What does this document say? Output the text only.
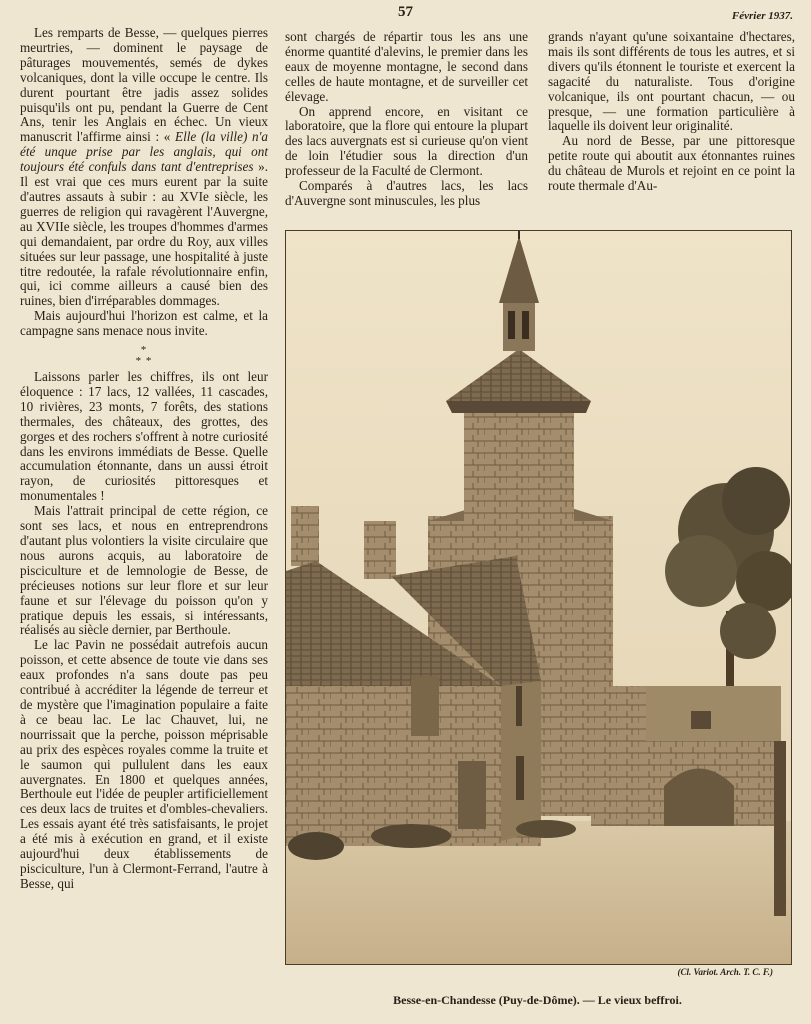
57	Février 1937.

Les remparts de Besse, — quelques pierres meurtries, — dominent le paysage de pâturages mouvementés, semés de dykes volcaniques, dont la ville occupe le centre. Ils durent pourtant être jadis assez solides puisqu'ils ont pu, pendant la Guerre de Cent Ans, tenir les Anglais en échec. Un vieux manuscrit l'affirme ainsi : « Elle (la ville) n'a été unque prise par les anglais, qui ont toujours été confuls dans tant d'entreprises ». Il est vrai que ces murs eurent par la suite d'autres assauts à subir : au XVIe siècle, les guerres de religion qui ravagèrent l'Auvergne, au XVIIe siècle, les troupes d'hommes d'armes qui demandaient, par ordre du Roy, aux villes situées sur leur passage, une hospitalité à juste titre redoutée, la rafale révolutionnaire enfin, qui, ici comme ailleurs a causé bien des ruines, bien d'irréparables dommages.

Mais aujourd'hui l'horizon est calme, et la campagne sans menace nous invite.

*
* *

Laissons parler les chiffres, ils ont leur éloquence : 17 lacs, 12 vallées, 11 cascades, 10 rivières, 23 monts, 7 forêts, des stations thermales, des châteaux, des grottes, des gorges et des rochers s'offrent à notre curiosité dans les environs immédiats de Besse. Quelle accumulation étonnante, dans un aussi étroit rayon, de curiosités pittoresques et monumentales !

Mais l'attrait principal de cette région, ce sont ses lacs, et nous en entreprendrons d'autant plus volontiers la visite circulaire que nous aurons acquis, au laboratoire de pisciculture et de lemnologie de Besse, de précieuses notions sur leur flore et sur leur faune et sur l'élevage du poisson qu'on y pratique depuis les essais, si intéressants, réalisés au siècle dernier, par Berthoule.

Le lac Pavin ne possédait autrefois aucun poisson, et cette absence de toute vie dans ses eaux profondes n'a sans doute pas peu contribué à accréditer la légende de terreur et de mystère que l'imagination populaire a faite à ce beau lac. Le lac Chauvet, lui, ne nourrissait que la perche, poisson méprisable au prix des espèces royales comme la truite et le saumon qui pullulent dans les eaux auvergnates. En 1800 et quelques années, Berthoule eut l'idée de peupler artificiellement ces deux lacs de truites et d'ombles-chevaliers. Les essais ayant été très satisfaisants, le projet a été mis à exécution en grand, et il existe aujourd'hui deux établissements de pisciculture, l'un à Clermont-Ferrand, l'autre à Besse, qui

sont chargés de répartir tous les ans une énorme quantité d'alevins, le premier dans les eaux de moyenne montagne, le second dans celles de haute montagne, et de surveiller cet élevage.

On apprend encore, en visitant ce laboratoire, que la flore qui entoure la plupart des lacs auvergnats est si curieuse qu'on vient de loin l'étudier sous la direction d'un professeur de la Faculté de Clermont.

Comparés à d'autres lacs, les lacs d'Auvergne sont minuscules, les plus

grands n'ayant qu'une soixantaine d'hectares, mais ils sont différents de tous les autres, et si divers qu'ils étonnent le touriste et exercent la sagacité du naturaliste. Tous d'origine volcanique, ils ont pourtant chacun, — ou presque, — une formation particulière à laquelle ils doivent leur originalité.

Au nord de Besse, par une pittoresque petite route qui aboutit aux étonnantes ruines du château de Murols et rejoint en ce point la route thermale d'Au-

(Cl. Variot. Arch. T. C. F.)
Besse-en-Chandesse (Puy-de-Dôme). — Le vieux beffroi.
